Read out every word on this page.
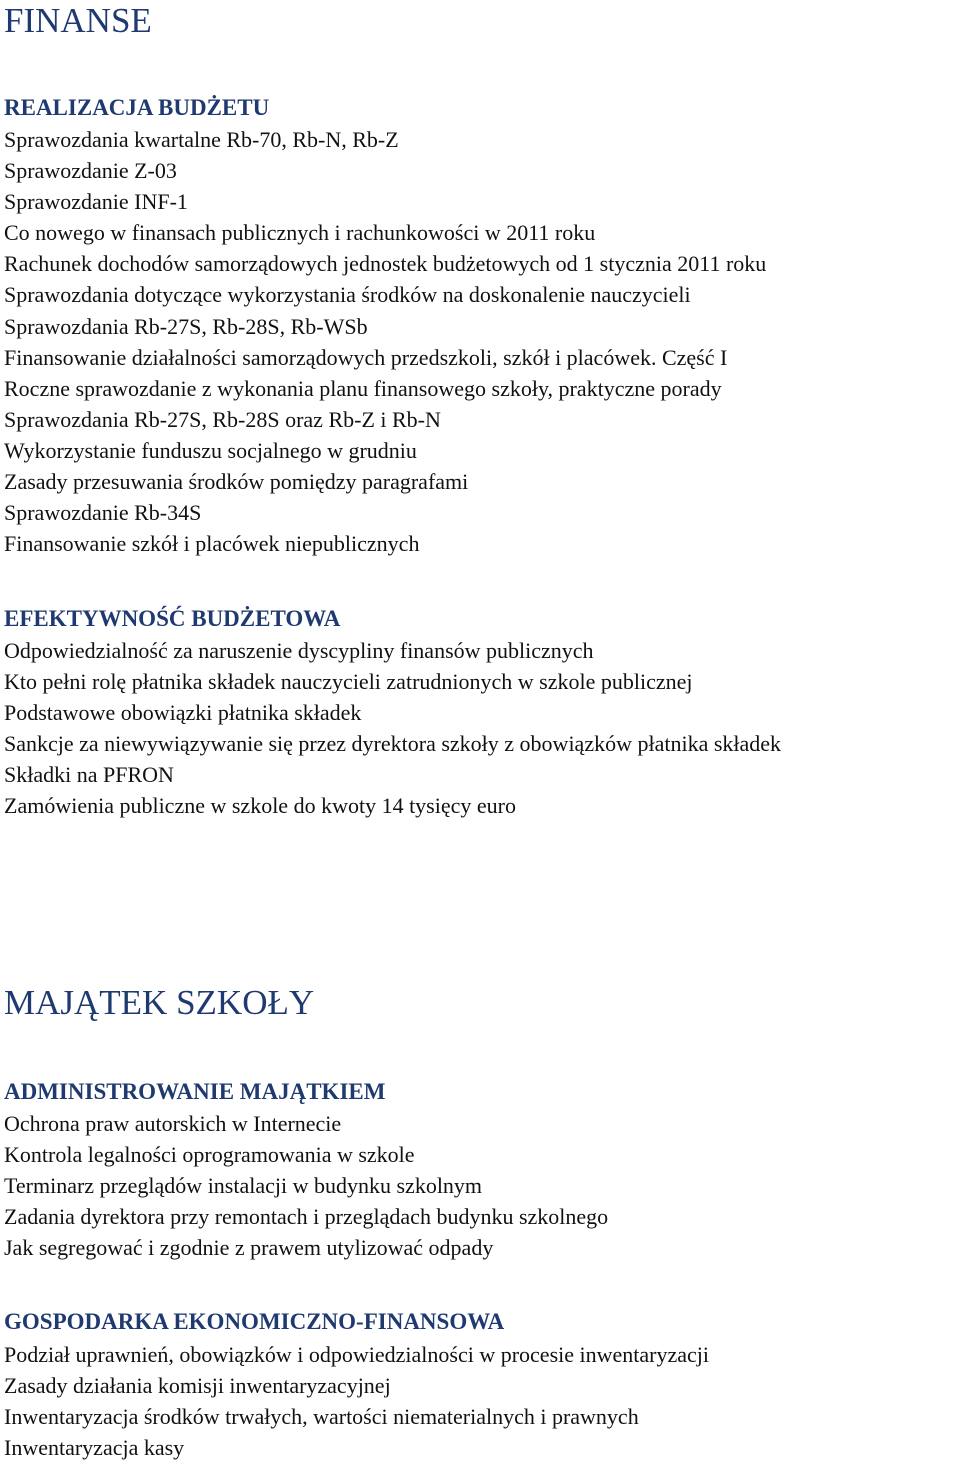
FINANSE
REALIZACJA BUDŻETU
Sprawozdania kwartalne Rb-70, Rb-N, Rb-Z
Sprawozdanie Z-03
Sprawozdanie INF-1
Co nowego w finansach publicznych i rachunkowości w 2011 roku
Rachunek dochodów samorządowych jednostek budżetowych od 1 stycznia 2011 roku
Sprawozdania dotyczące wykorzystania środków na doskonalenie nauczycieli
Sprawozdania Rb-27S, Rb-28S, Rb-WSb
Finansowanie działalności samorządowych przedszkoli, szkół i placówek. Część I
Roczne sprawozdanie z wykonania planu finansowego szkoły, praktyczne porady
Sprawozdania Rb-27S, Rb-28S oraz Rb-Z i Rb-N
Wykorzystanie funduszu socjalnego w grudniu
Zasady przesuwania środków pomiędzy paragrafami
Sprawozdanie Rb-34S
Finansowanie szkół i placówek niepublicznych
EFEKTYWNOŚĆ BUDŻETOWA
Odpowiedzialność za naruszenie dyscypliny finansów publicznych
Kto pełni rolę płatnika składek nauczycieli zatrudnionych w szkole publicznej
Podstawowe obowiązki płatnika składek
Sankcje za niewywiązywanie się przez dyrektora szkoły z obowiązków płatnika składek
Składki na PFRON
Zamówienia publiczne w szkole do kwoty 14 tysięcy euro
MAJĄTEK SZKOŁY
ADMINISTROWANIE MAJĄTKIEM
Ochrona praw autorskich w Internecie
Kontrola legalności oprogramowania w szkole
Terminarz przeglądów instalacji w budynku szkolnym
Zadania dyrektora przy remontach i przeglądach budynku szkolnego
Jak segregować i zgodnie z prawem utylizować odpady
GOSPODARKA EKONOMICZNO-FINANSOWA
Podział uprawnień, obowiązków i odpowiedzialności w procesie inwentaryzacji
Zasady działania komisji inwentaryzacyjnej
Inwentaryzacja środków trwałych, wartości niematerialnych i prawnych
Inwentaryzacja kasy
